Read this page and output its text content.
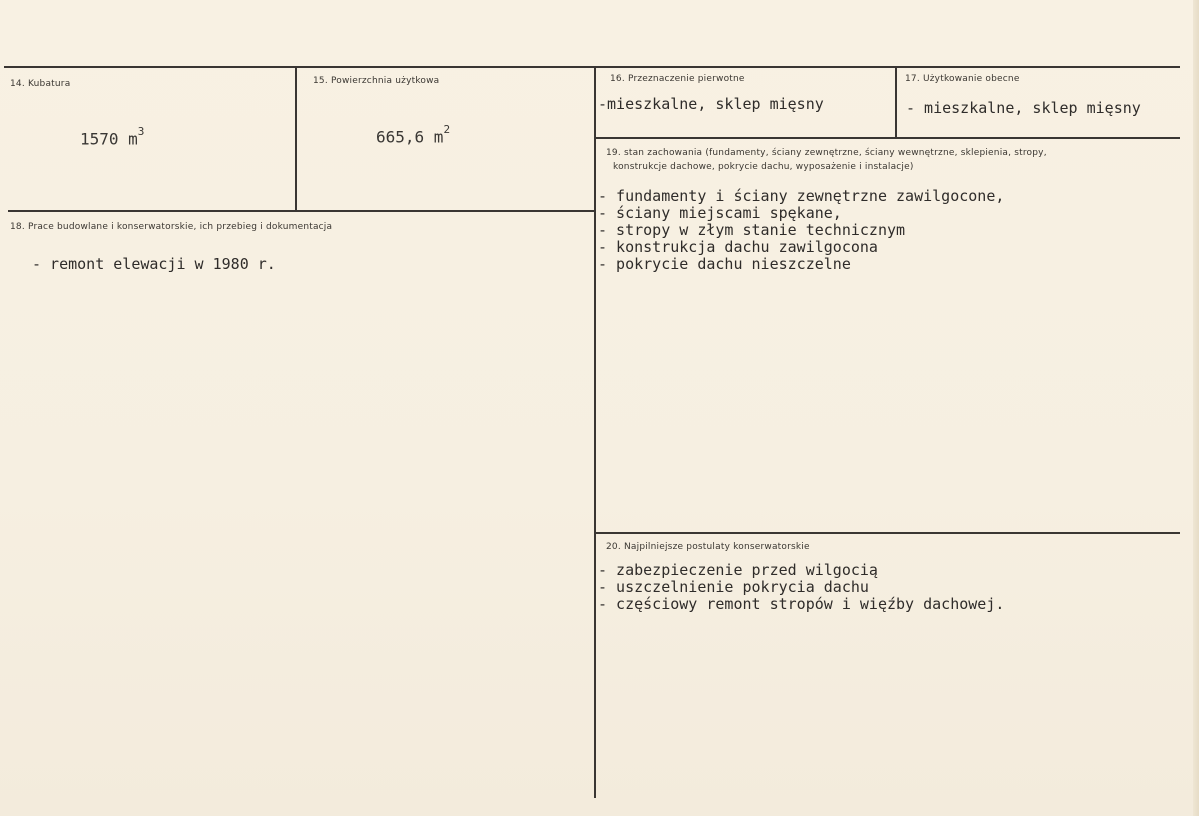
14. Kubatura
1570 $m^3$
15. Powierzchnia użytkowa
665,6 $m^2$
16. Przeznaczenie pierwotne
-mieszkalne, sklep mięsny
17. Użytkowanie obecne
- mieszkalne, sklep mięsny
18. Prace budowlane i konserwatorskie, ich przebieg i dokumentacja
- remont elewacji w 1980 r.
19. stan zachowania (fundamenty, ściany zewnętrzne, ściany wewnętrzne, sklepienia, stropy,
konstrukcje dachowe, pokrycie dachu, wyposażenie i instalacje)
- fundamenty i ściany zewnętrzne zawilgocone,
- ściany miejscami spękane,
- stropy w złym stanie technicznym
- konstrukcja dachu zawilgocona
- pokrycie dachu nieszczelne
20. Najpilniejsze postulaty konserwatorskie
- zabezpieczenie przed wilgocią
- uszczelnienie pokrycia dachu
- częściowy remont stropów i więźby dachowej.
